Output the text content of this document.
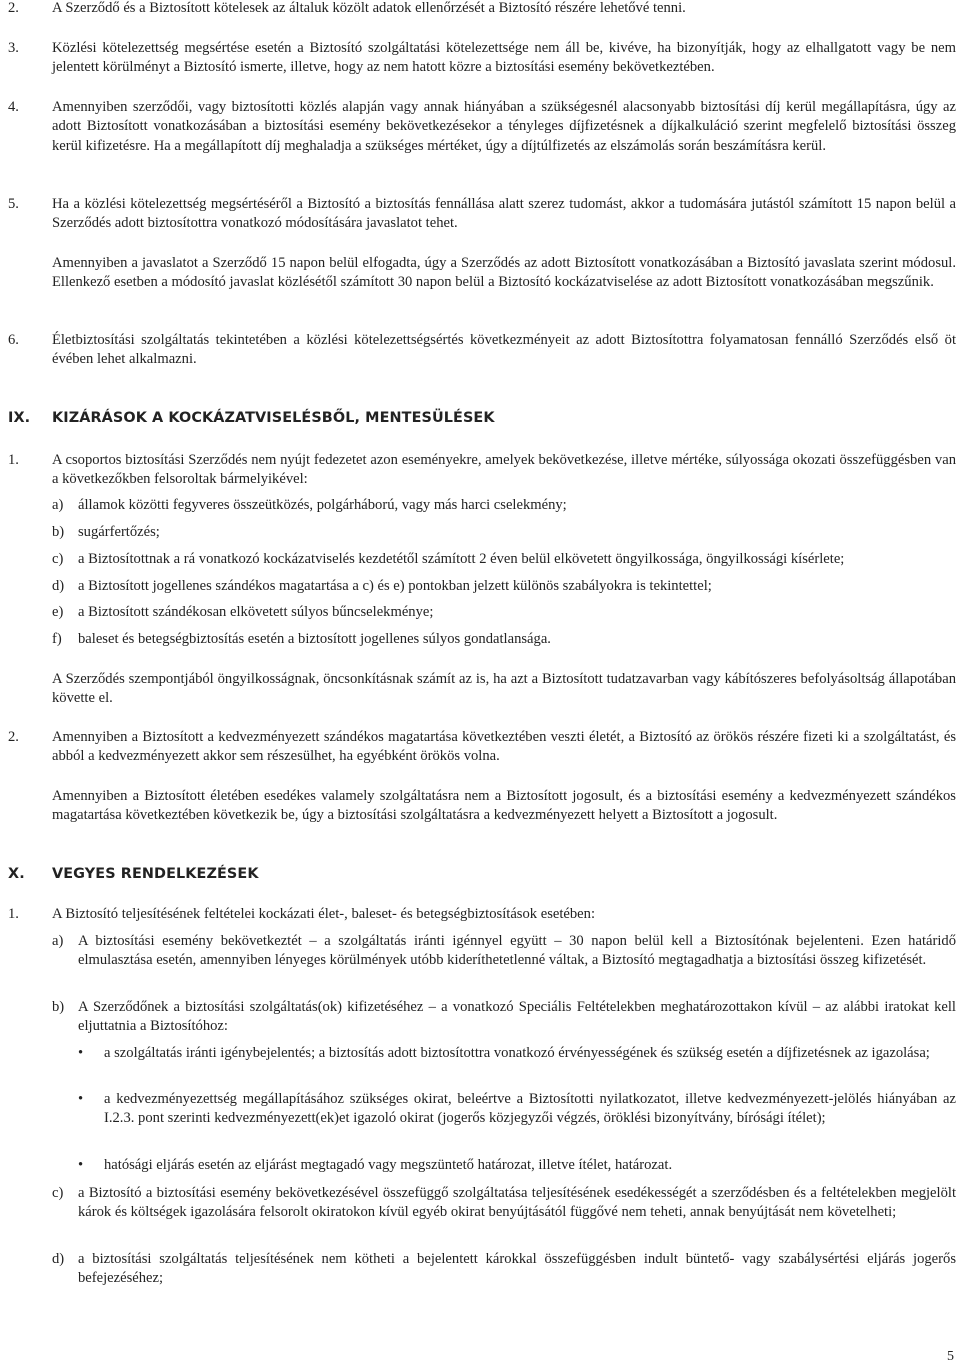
2. A Szerződő és a Biztosított kötelesek az általuk közölt adatok ellenőrzését a Biztosító részére lehetővé tenni.
3. Közlési kötelezettség megsértése esetén a Biztosító szolgáltatási kötelezettsége nem áll be, kivéve, ha bizonyítják, hogy az elhallgatott vagy be nem jelentett körülményt a Biztosító ismerte, illetve, hogy az nem hatott közre a biztosítási esemény bekövetkeztében.
4. Amennyiben szerződői, vagy biztosítotti közlés alapján vagy annak hiányában a szükségesnél alacsonyabb biztosítási díj kerül megállapításra, úgy az adott Biztosított vonatkozásában a biztosítási esemény bekövetkezésekor a tényleges díjfizetésnek a díjkalkuláció szerint megfelelő biztosítási összeg kerül kifizetésre. Ha a megállapított díj meghaladja a szükséges mértéket, úgy a díjtúlfizetés az elszámolás során beszámításra kerül.
5. Ha a közlési kötelezettség megsértéséről a Biztosító a biztosítás fennállása alatt szerez tudomást, akkor a tudomására jutástól számított 15 napon belül a Szerződés adott biztosítottra vonatkozó módosítására javaslatot tehet.
Amennyiben a javaslatot a Szerződő 15 napon belül elfogadta, úgy a Szerződés az adott Biztosított vonatkozásában a Biztosító javaslata szerint módosul. Ellenkező esetben a módosító javaslat közlésétől számított 30 napon belül a Biztosító kockázatviselése az adott Biztosított vonatkozásában megszűnik.
6. Életbiztosítási szolgáltatás tekintetében a közlési kötelezettségsértés következményeit az adott Biztosítottra folyamatosan fennálló Szerződés első öt évében lehet alkalmazni.
IX. KIZÁRÁSOK A KOCKÁZATVISELÉSBŐL, MENTESÜLÉSEK
1. A csoportos biztosítási Szerződés nem nyújt fedezetet azon eseményekre, amelyek bekövetkezése, illetve mértéke, súlyossága okozati összefüggésben van a következőkben felsoroltak bármelyikével:
a) államok közötti fegyveres összeütközés, polgárháború, vagy más harci cselekmény;
b) sugárfertőzés;
c) a Biztosítottnak a rá vonatkozó kockázatviselés kezdetétől számított 2 éven belül elkövetett öngyilkossága, öngyilkossági kísérlete;
d) a Biztosított jogellenes szándékos magatartása a c) és e) pontokban jelzett különös szabályokra is tekintettel;
e) a Biztosított szándékosan elkövetett súlyos bűncselekménye;
f) baleset és betegségbiztosítás esetén a biztosított jogellenes súlyos gondatlansága.
A Szerződés szempontjából öngyilkosságnak, öncsonkításnak számít az is, ha azt a Biztosított tudatzavarban vagy kábítószeres befolyásoltság állapotában követte el.
2. Amennyiben a Biztosított a kedvezményezett szándékos magatartása következtében veszti életét, a Biztosító az örökös részére fizeti ki a szolgáltatást, és abból a kedvezményezett akkor sem részesülhet, ha egyébként örökös volna.
Amennyiben a Biztosított életében esedékes valamely szolgáltatásra nem a Biztosított jogosult, és a biztosítási esemény a kedvezményezett szándékos magatartása következtében következik be, úgy a biztosítási szolgáltatásra a kedvezményezett helyett a Biztosított a jogosult.
X. VEGYES RENDELKEZÉSEK
1. A Biztosító teljesítésének feltételei kockázati élet-, baleset- és betegségbiztosítások esetében:
a) A biztosítási esemény bekövetkeztét – a szolgáltatás iránti igénnyel együtt – 30 napon belül kell a Biztosítónak bejelenteni. Ezen határidő elmulasztása esetén, amennyiben lényeges körülmények utóbb kideríthetetlenné váltak, a Biztosító megtagadhatja a biztosítási összeg kifizetését.
b) A Szerződőnek a biztosítási szolgáltatás(ok) kifizetéséhez – a vonatkozó Speciális Feltételekben meghatározottakon kívül – az alábbi iratokat kell eljuttatnia a Biztosítóhoz:
• a szolgáltatás iránti igénybejelentés; a biztosítás adott biztosítottra vonatkozó érvényességének és szükség esetén a díjfizetésnek az igazolása;
• a kedvezményezettség megállapításához szükséges okirat, beleértve a Biztosítotti nyilatkozatot, illetve kedvezményezett-jelölés hiányában az I.2.3. pont szerinti kedvezményezett(ek)et igazoló okirat (jogerős közjegyzői végzés, öröklési bizonyítvány, bírósági ítélet);
• hatósági eljárás esetén az eljárást megtagadó vagy megszüntető határozat, illetve ítélet, határozat.
c) a Biztosító a biztosítási esemény bekövetkezésével összefüggő szolgáltatása teljesítésének esedékességét a szerződésben és a feltételekben megjelölt károk és költségek igazolására felsorolt okiratokon kívül egyéb okirat benyújtásától függővé nem teheti, annak benyújtását nem követelheti;
d) a biztosítási szolgáltatás teljesítésének nem kötheti a bejelentett károkkal összefüggésben indult büntető- vagy szabálysértési eljárás jogerős befejezéséhez;
5
